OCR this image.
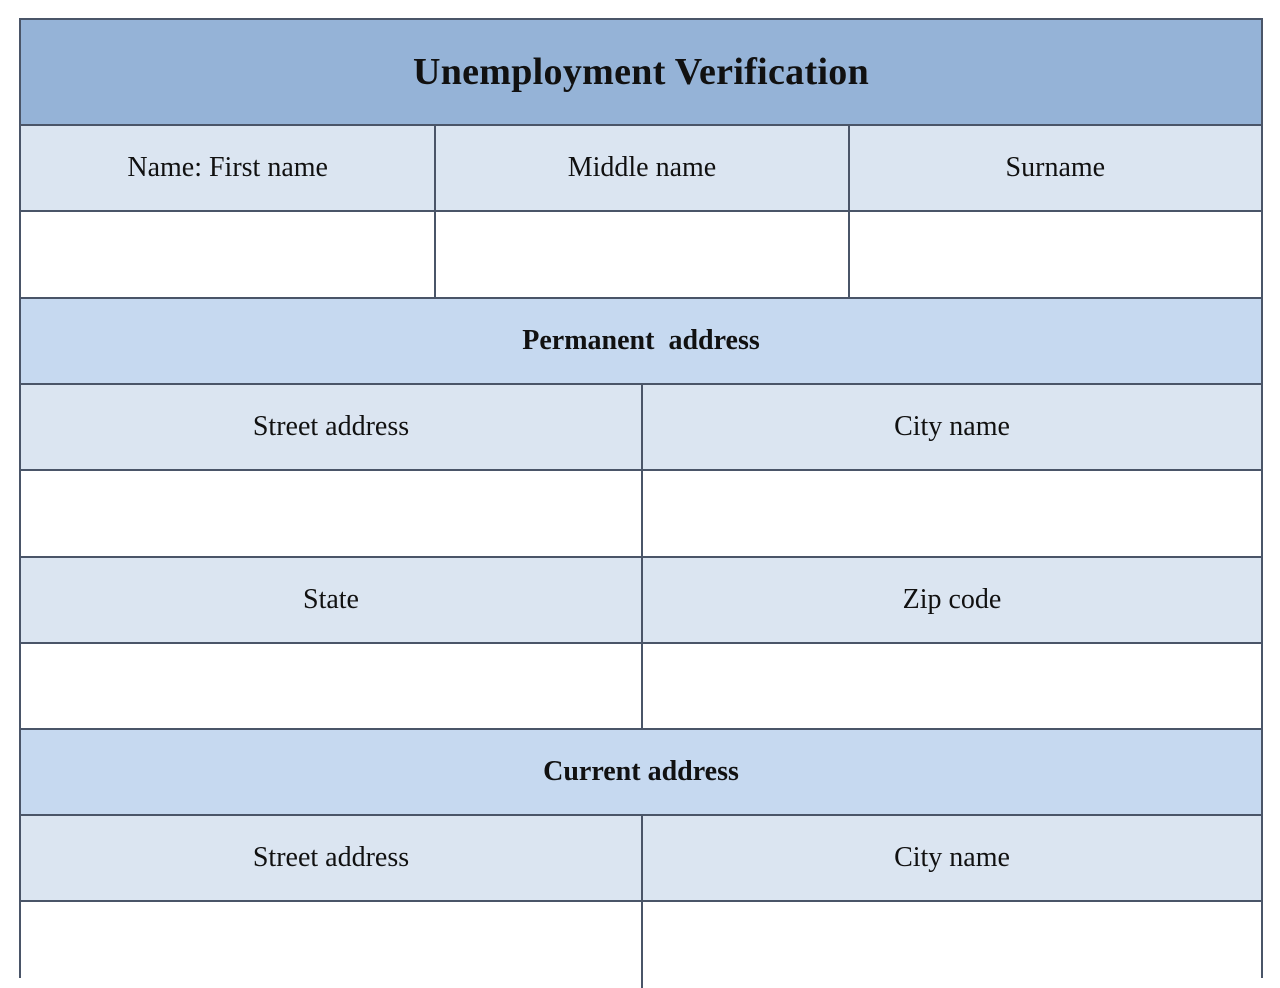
Unemployment Verification
Name: First name	Middle name	Surname
Permanent  address
Street address	City name
State	Zip code
Current address
Street address	City name
